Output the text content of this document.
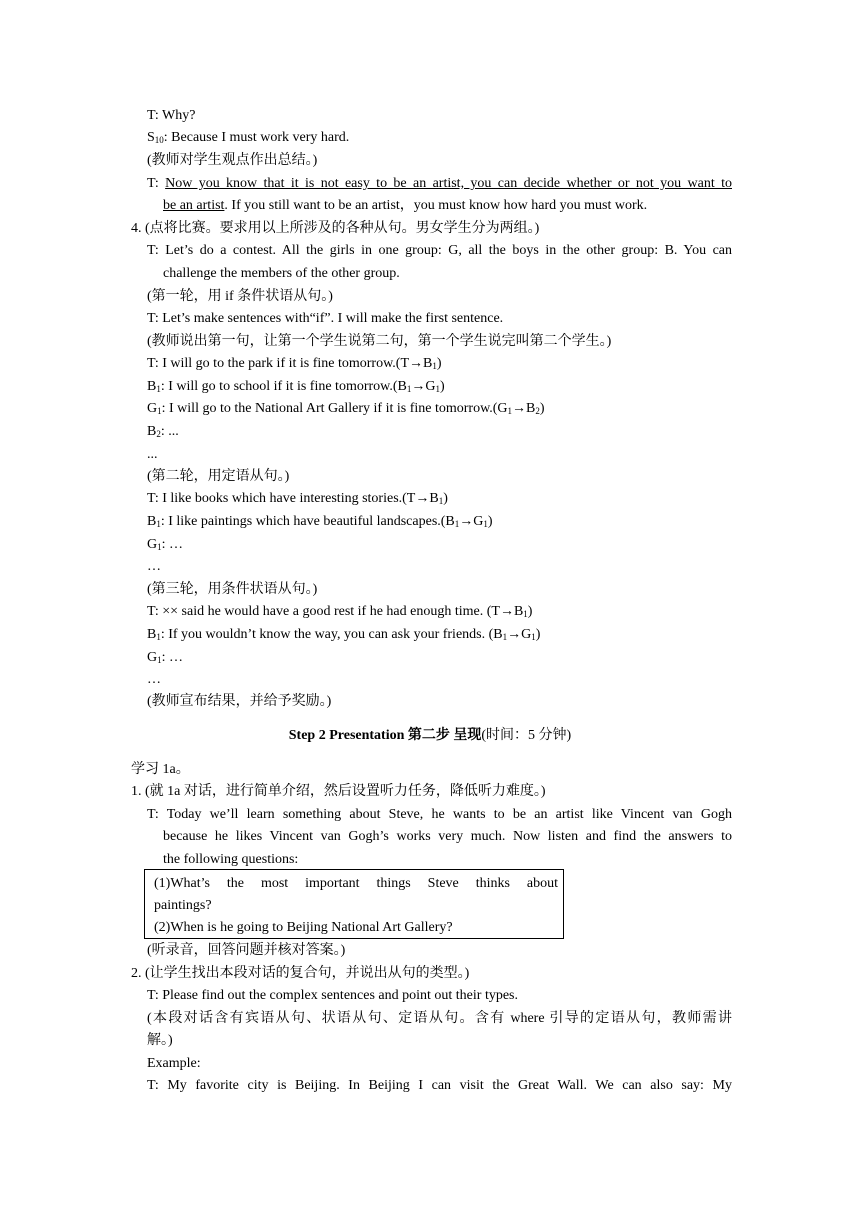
T: Why?
$S_{10}$: Because I must work very hard.
(教师对学生观点作出总结。)
T: Now you know that it is not easy to be an artist, you can decide whether or not you want to
be an artist. If you still want to be an artist，you must know how hard you must work.
4. (点将比赛。要求用以上所涉及的各种从句。男女学生分为两组。)
T: Let’s do a contest. All the girls in one group: G, all the boys in the other group: B. You can
challenge the members of the other group.
(第一轮，用 if 条件状语从句。)
T: Let’s make sentences with“if”. I will make the first sentence.
(教师说出第一句，让第一个学生说第二句，第一个学生说完叫第二个学生。)
T: I will go to the park if it is fine $tomorrow.(T\to B_1)$
$B_1$: I will go to school if it is fine $tomorrow.(B_1\to G_1)$
$G_1$: I will go to the National Art Gallery if it is fine $tomorrow.(G_1\to B_2)$
$B_2$: ...
...
(第二轮，用定语从句。)
T: I like books which have interesting $stories.(T\to B_1)$
$B_1$: I like paintings which have beautiful $landscapes.(B_1\to G_1)$
$G_1$: …
…
(第三轮，用条件状语从句。)
T: ×× said he would have a good rest if he had enough time. $(T\to B_1)$
$B_1$: If you wouldn’t know the way, you can ask your friends. $(B_1\to G_1)$
$G_1$: …
…
(教师宣布结果，并给予奖励。)
Step 2 Presentation 第二步 呈现(时间：5 分钟)
学习 1a。
1. (就 1a 对话，进行简单介绍，然后设置听力任务，降低听力难度。)
T: Today we’ll learn something about Steve, he wants to be an artist like Vincent van Gogh
because he likes Vincent van Gogh’s works very much. Now listen and find the answers to
the following questions:
(1)What’s the most important things Steve thinks about
paintings?
(2)When is he going to Beijing National Art Gallery?
(听录音，回答问题并核对答案。)
2. (让学生找出本段对话的复合句，并说出从句的类型。)
T: Please find out the complex sentences and point out their types.
(本段对话含有宾语从句、状语从句、定语从句。含有 where 引导的定语从句，教师需讲
解。)
Example:
T: My favorite city is Beijing. In Beijing I can visit the Great Wall. We can also say: My
